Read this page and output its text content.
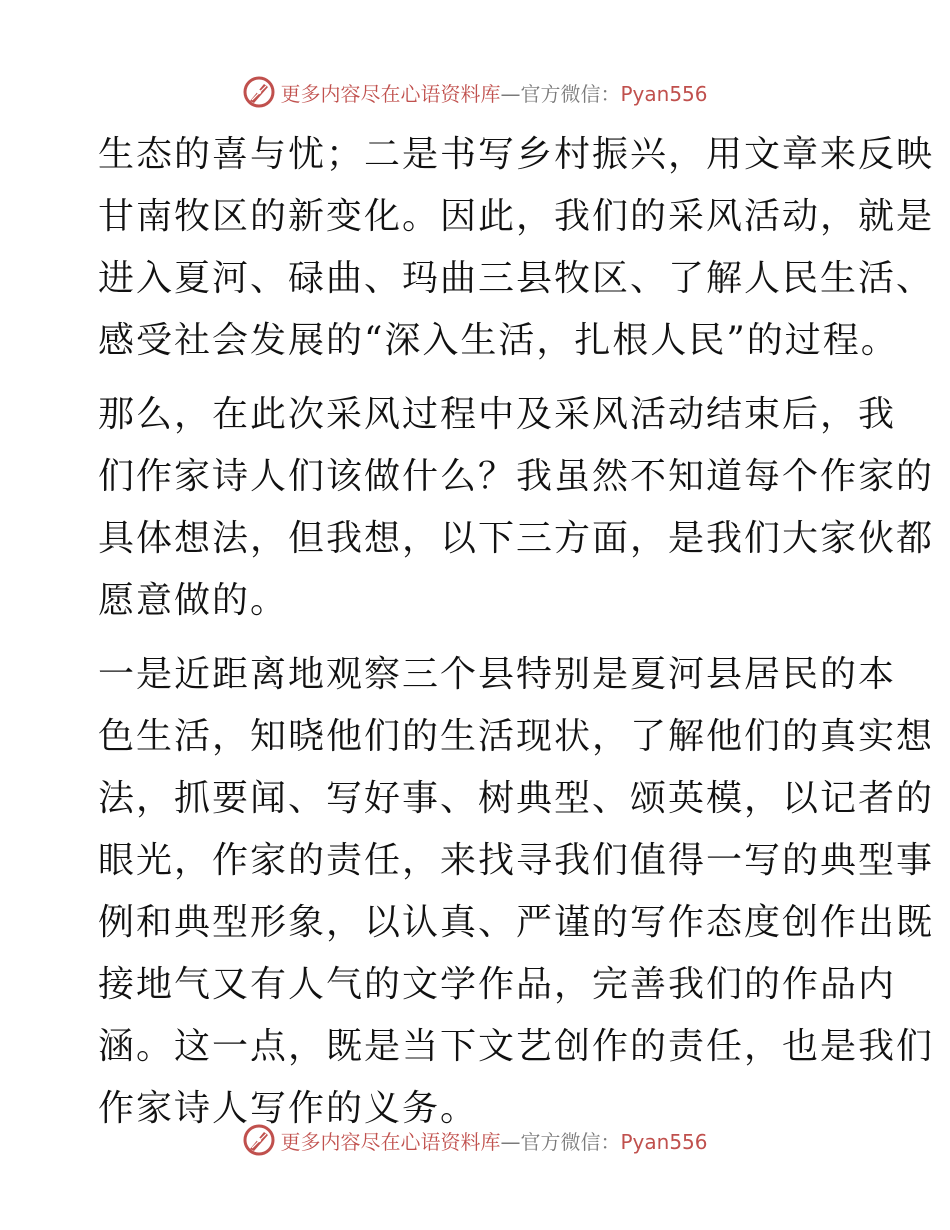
更多内容尽在心语资料库—官方微信：Pyan556
生态的喜与忧；二是书写乡村振兴，用文章来反映
甘南牧区的新变化。因此，我们的采风活动，就是
进入夏河、碌曲、玛曲三县牧区、了解人民生活、
感受社会发展的“深入生活，扎根人民”的过程。
那么，在此次采风过程中及采风活动结束后，我
们作家诗人们该做什么？我虽然不知道每个作家的
具体想法，但我想，以下三方面，是我们大家伙都
愿意做的。
一是近距离地观察三个县特别是夏河县居民的本
色生活，知晓他们的生活现状，了解他们的真实想
法，抓要闻、写好事、树典型、颂英模，以记者的
眼光，作家的责任，来找寻我们值得一写的典型事
例和典型形象，以认真、严谨的写作态度创作出既
接地气又有人气的文学作品，完善我们的作品内
涵。这一点，既是当下文艺创作的责任，也是我们
作家诗人写作的义务。
更多内容尽在心语资料库—官方微信：Pyan556
